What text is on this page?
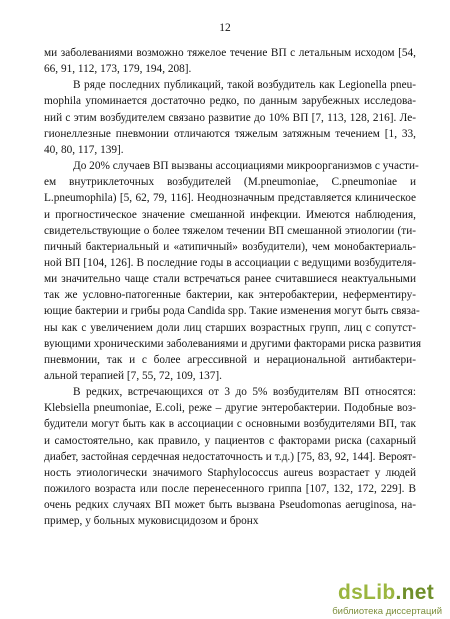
12
ми заболеваниями возможно тяжелое течение ВП с летальным исходом [54,
66, 91, 112, 173, 179, 194, 208].
В ряде последних публикаций, такой возбудитель как Legionella pneu-
mophila упоминается достаточно редко, по данным зарубежных исследова-
ний с этим возбудителем связано развитие до 10% ВП [7, 113, 128, 216]. Ле-
гионеллезные пневмонии отличаются тяжелым затяжным течением [1, 33,
40, 80, 117, 139].
До 20% случаев ВП вызваны ассоциациями микроорганизмов с участи-
ем внутриклеточных возбудителей (M.pneumoniae, C.pneumoniae и
L.pneumophila) [5, 62, 79, 116]. Неоднозначным представляется клиническое
и прогностическое значение смешанной инфекции. Имеются наблюдения,
свидетельствующие о более тяжелом течении ВП смешанной этиологии (ти-
пичный бактериальный и «атипичный» возбудители), чем монобактериаль-
ной ВП [104, 126]. В последние годы в ассоциации с ведущими возбудителя-
ми значительно чаще стали встречаться ранее считавшиеся неактуальными
так же условно-патогенные бактерии, как энтеробактерии, неферментиру-
ющие бактерии и грибы рода Candida spp. Такие изменения могут быть связа-
ны как с увеличением доли лиц старших возрастных групп, лиц с сопутст-
вующими хроническими заболеваниями и другими факторами риска развития
пневмонии, так и с более агрессивной и нерациональной антибактери-
альной терапией [7, 55, 72, 109, 137].
В редких, встречающихся от 3 до 5% возбудителям ВП относятся:
Klebsiella pneumoniae, E.coli, реже – другие энтеробактерии. Подобные воз-
будители могут быть как в ассоциации с основными возбудителями ВП, так
и самостоятельно, как правило, у пациентов с факторами риска (сахарный
диабет, застойная сердечная недостаточность и т.д.) [75, 83, 92, 144]. Вероят-
ность этиологически значимого Staphylococcus aureus возрастает у людей
пожилого возраста или после перенесенного гриппа [107, 132, 172, 229]. В
очень редких случаях ВП может быть вызвана Pseudomonas aeruginosa, на-
пример, у больных муковисцидозом и бронх
dsLib.net
библиотека диссертаций
